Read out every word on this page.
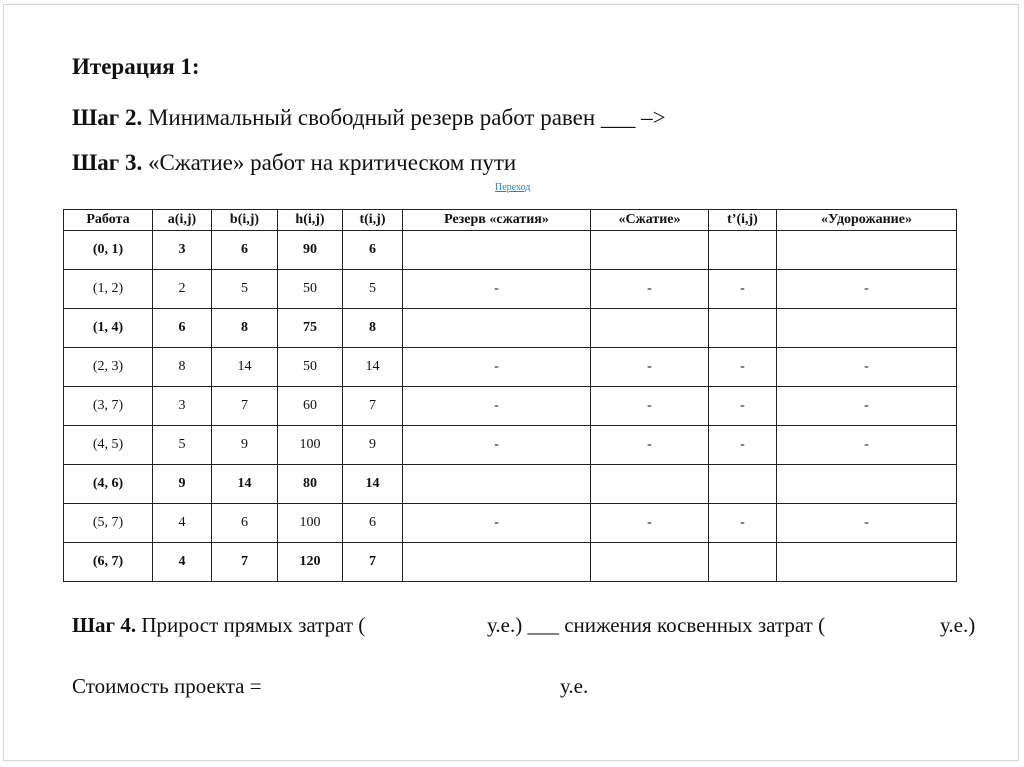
Итерация 1:
Шаг 2. Минимальный свободный резерв работ равен ___ –>
Шаг 3. «Сжатие» работ на критическом пути
Переход
Работа	a(i,j)	b(i,j)	h(i,j)	t(i,j)	Резерв «сжатия»	«Сжатие»	t’(i,j)	«Удорожание»
(0, 1)	3	6	90	6				
(1, 2)	2	5	50	5	-	-	-	-
(1, 4)	6	8	75	8				
(2, 3)	8	14	50	14	-	-	-	-
(3, 7)	3	7	60	7	-	-	-	-
(4, 5)	5	9	100	9	-	-	-	-
(4, 6)	9	14	80	14				
(5, 7)	4	6	100	6	-	-	-	-
(6, 7)	4	7	120	7				
Шаг 4. Прирост прямых затрат (	у.е.) ___ снижения косвенных затрат (	у.е.)
Стоимость проекта =	у.е.
